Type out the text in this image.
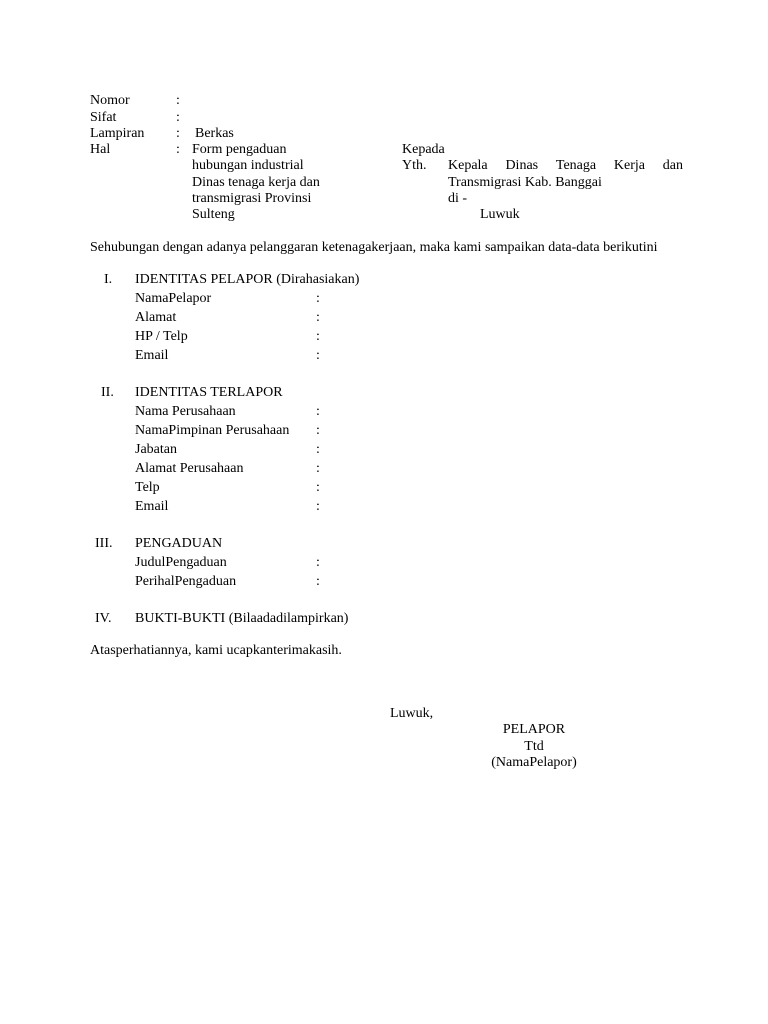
Nomor	:
Sifat	:
Lampiran : Berkas
Hal	: Form pengaduan
hubungan industrial
Dinas tenaga kerja dan
transmigrasi Provinsi
Sulteng
Kepada
Yth. Kepala Dinas Tenaga Kerja dan
Transmigrasi Kab. Banggai
di -
Luwuk
Sehubungan dengan adanya pelanggaran ketenagakerjaan, maka kami sampaikan data-data berikutini
I. IDENTITAS PELAPOR (Dirahasiakan)
NamaPelapor	:
Alamat	:
HP / Telp	:
Email	:
II. IDENTITAS TERLAPOR
Nama Perusahaan	:
NamaPimpinan Perusahaan :
Jabatan	:
Alamat Perusahaan	:
Telp	:
Email	:
III. PENGADUAN
JudulPengaduan	:
PerihalPengaduan	:
IV. BUKTI-BUKTI (Bilaadadilampirkan)
Atasperhatiannya, kami ucapkanterimakasih.
Luwuk,
PELAPOR
Ttd
(NamaPelapor)
